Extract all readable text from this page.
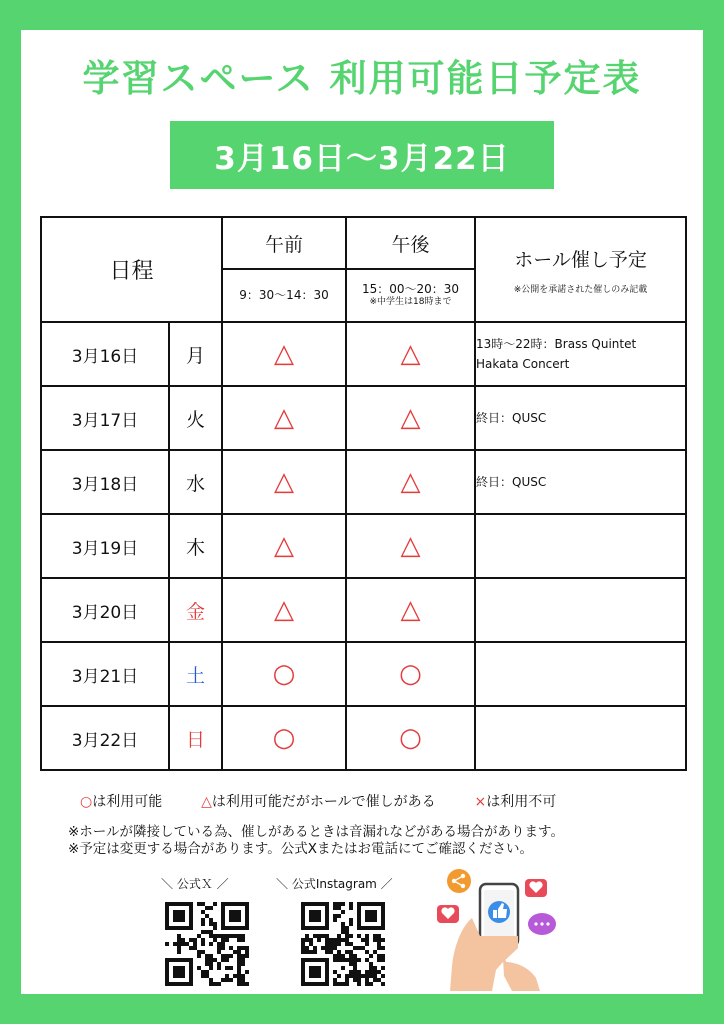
学習スペース 利用可能日予定表
3月16日〜3月22日
日程		午前	午後	ホール催し予定
※公開を承諾された催しのみ記載

		9：30〜14：30	15：00〜20：30
※中学生は18時まで	

3月16日	月	△	△	13時〜22時：Brass Quintet
Hakata Concert

3月17日	火	△	△	終日：QUSC

3月18日	水	△	△	終日：QUSC

3月19日	木	△	△	

3月20日	金	△	△	

3月21日	土	○	○	

3月22日	日	○	○	
○は利用可能	△は利用可能だがホールで催しがある	×は利用不可
※ホールが隣接している為、催しがあるときは音漏れなどがある場合があります。
※予定は変更する場合があります。公式Xまたはお電話にてご確認ください。
＼ 公式Ｘ ／	＼ 公式Instagram ／
